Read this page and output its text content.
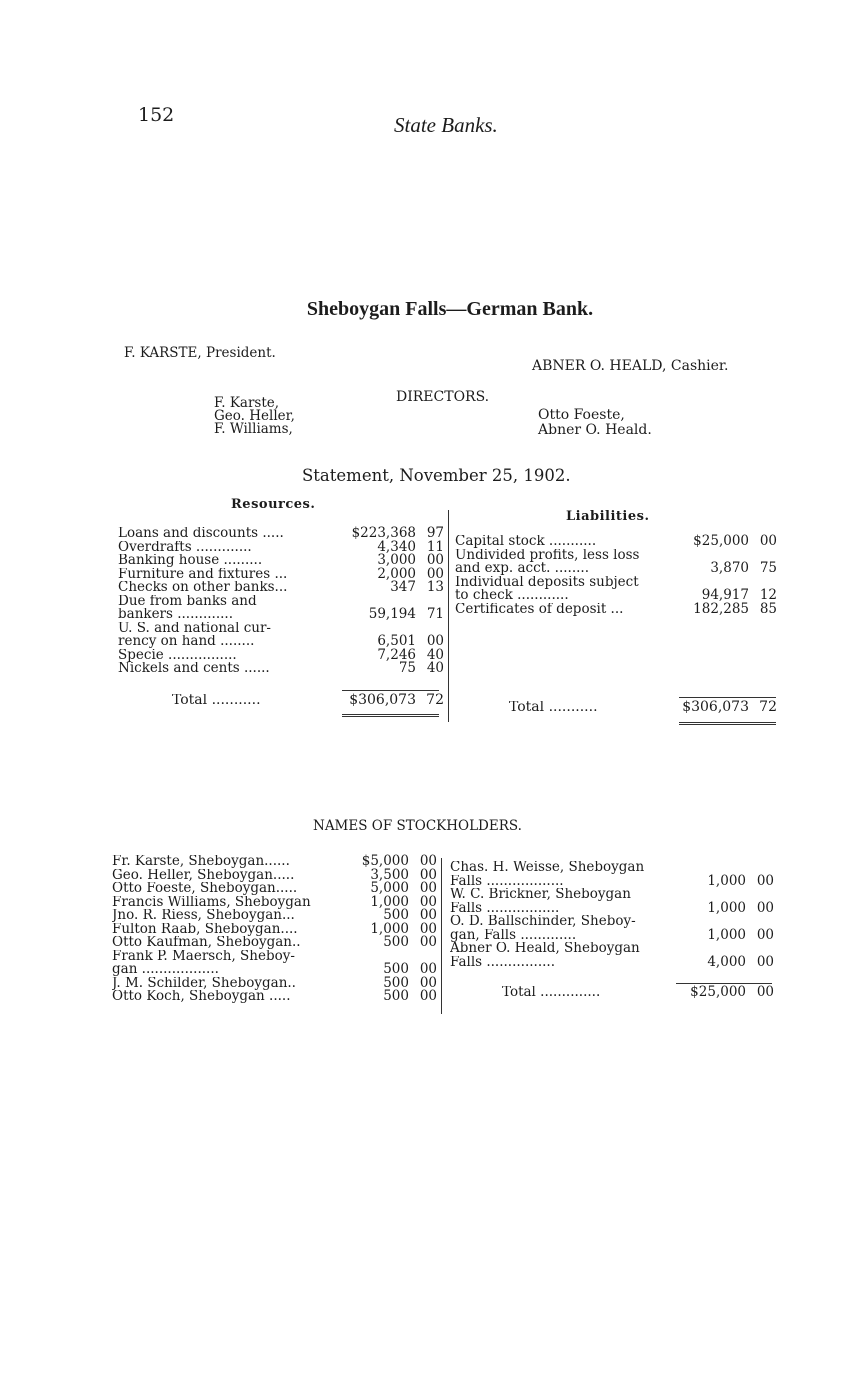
152	State Banks.
Sheboygan Falls—German Bank.
F. KARSTE, President.
ABNER O. HEALD, Cashier.
DIRECTORS.
F. Karste,
Geo. Heller,
F. Williams,
Otto Foeste,
Abner O. Heald.
Statement, November 25, 1902.
Resources.
Liabilities.
Loans and discounts .....	$223,368	97
Overdrafts .............	4,340	11
Banking house .........	3,000	00
Furniture and fixtures ...	2,000	00
Checks on other banks...	347	13
Due from banks and		
bankers .............	59,194	71
U. S. and national cur-		
rency on hand ........	6,501	00
Specie ................	7,246	40
Nickels and cents ......	75	40
Total ...........	$306,073	72
Capital stock ...........	$25,000	00
Undivided profits, less loss		
and exp. acct. ........	3,870	75
Individual deposits subject		
to check ............	94,917	12
Certificates of deposit ...	182,285	85
Total ...........	$306,073	72
NAMES OF STOCKHOLDERS.
Fr. Karste, Sheboygan......	$5,000	00
Geo. Heller, Sheboygan.....	3,500	00
Otto Foeste, Sheboygan.....	5,000	00
Francis Williams, Sheboygan	1,000	00
Jno. R. Riess, Sheboygan...	500	00
Fulton Raab, Sheboygan....	1,000	00
Otto Kaufman, Sheboygan..	500	00
Frank P. Maersch, Sheboy-		
gan ..................	500	00
J. M. Schilder, Sheboygan..	500	00
Otto Koch, Sheboygan .....	500	00
Chas. H. Weisse, Sheboygan		
Falls ..................	1,000	00
W. C. Brickner, Sheboygan		
Falls .................	1,000	00
O. D. Ballschinder, Sheboy-		
gan, Falls .............	1,000	00
Abner O. Heald, Sheboygan		
Falls ................	4,000	00
Total ..............	$25,000	00
